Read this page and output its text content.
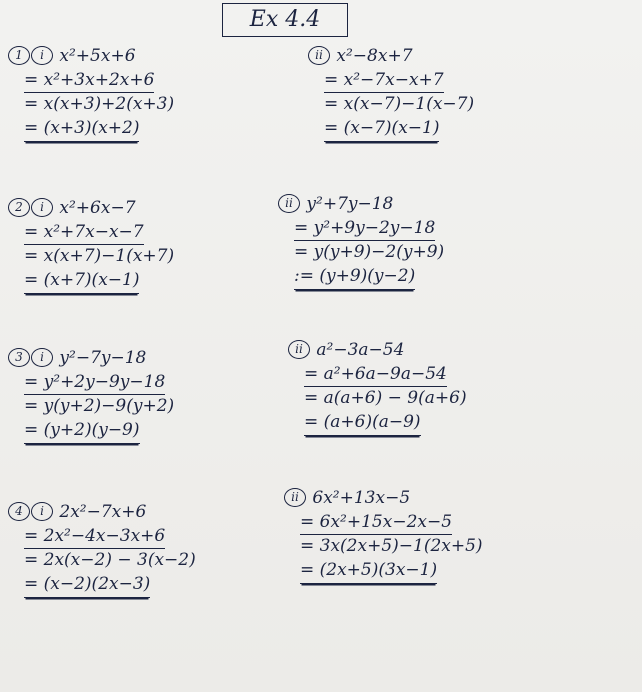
Ex 4.4
1 i x²+5x+6
= x²+3x+2x+6
= x(x+3)+2(x+3)
= (x+3)(x+2)
ii x²−8x+7
= x²−7x−x+7
= x(x−7)−1(x−7)
= (x−7)(x−1)
2 i x²+6x−7
= x²+7x−x−7
= x(x+7)−1(x+7)
= (x+7)(x−1)
ii y²+7y−18
= y²+9y−2y−18
= y(y+9)−2(y+9)
:= (y+9)(y−2)
3 i y²−7y−18
= y²+2y−9y−18
= y(y+2)−9(y+2)
= (y+2)(y−9)
ii a²−3a−54
= a²+6a−9a−54
= a(a+6) − 9(a+6)
= (a+6)(a−9)
4 i 2x²−7x+6
= 2x²−4x−3x+6
= 2x(x−2) − 3(x−2)
= (x−2)(2x−3)
ii 6x²+13x−5
= 6x²+15x−2x−5
= 3x(2x+5)−1(2x+5)
= (2x+5)(3x−1)
